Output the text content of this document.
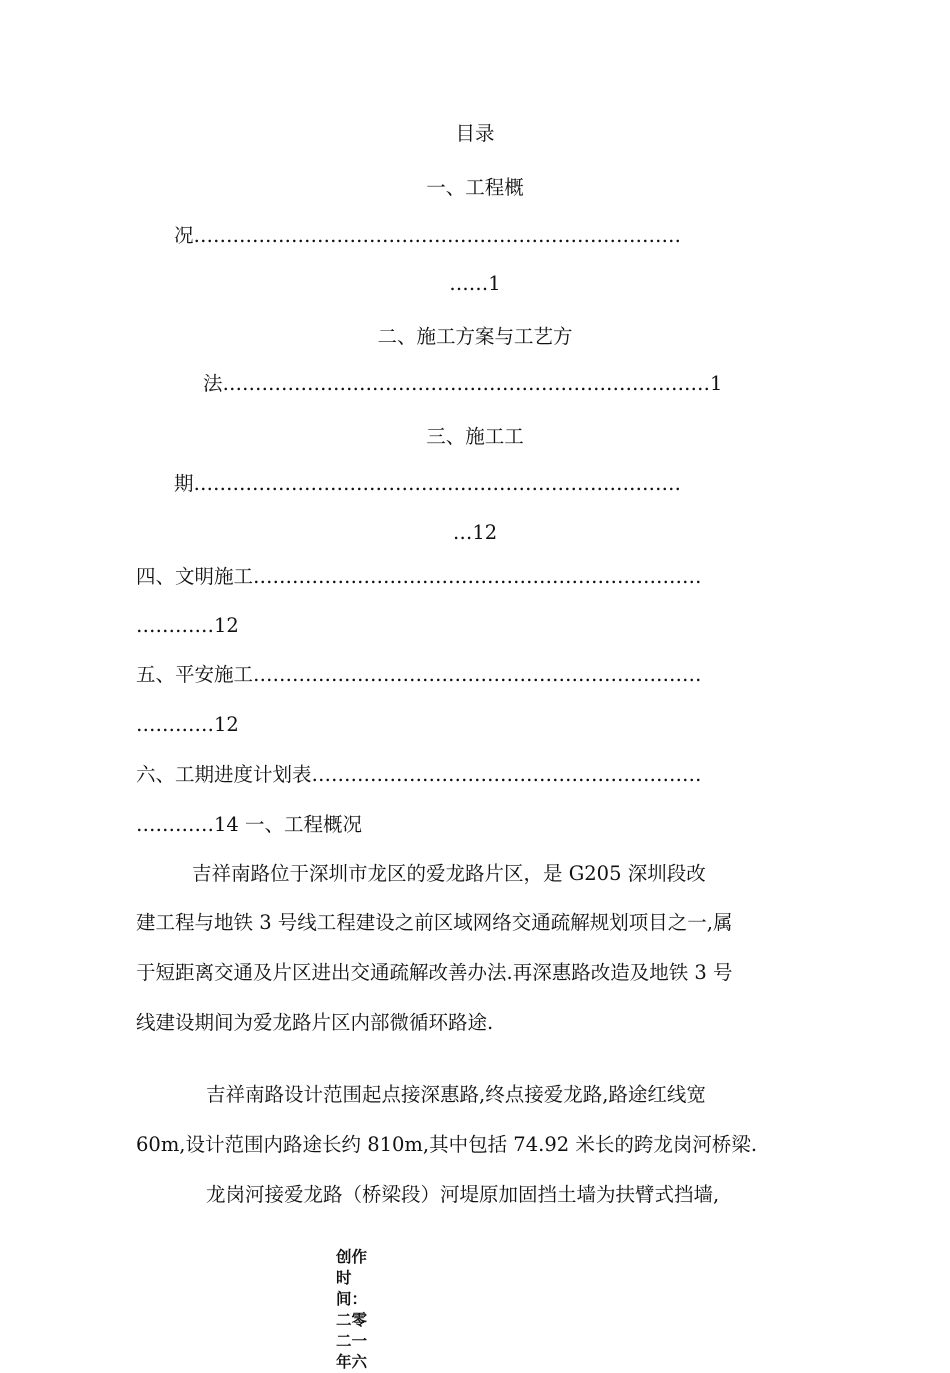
目录
一、工程概
况…………………………………………………………………
……1
二、施工方案与工艺方
法…………………………………………………………………1
三、施工工
期…………………………………………………………………
…12
四、文明施工……………………………………………………………
…………12
五、平安施工……………………………………………………………
…………12
六、工期进度计划表……………………………………………………
…………14 一、工程概况
吉祥南路位于深圳市龙区的爱龙路片区，是 G205 深圳段改
建工程与地铁 3 号线工程建设之前区域网络交通疏解规划项目之一,属
于短距离交通及片区进出交通疏解改善办法.再深惠路改造及地铁 3 号
线建设期间为爱龙路片区内部微循环路途.
吉祥南路设计范围起点接深惠路,终点接爱龙路,路途红线宽
60m,设计范围内路途长约 810m,其中包括 74.92 米长的跨龙岗河桥梁.
龙岗河接爱龙路（桥梁段）河堤原加固挡土墙为扶臂式挡墙,
创作时间：二零二一年六
